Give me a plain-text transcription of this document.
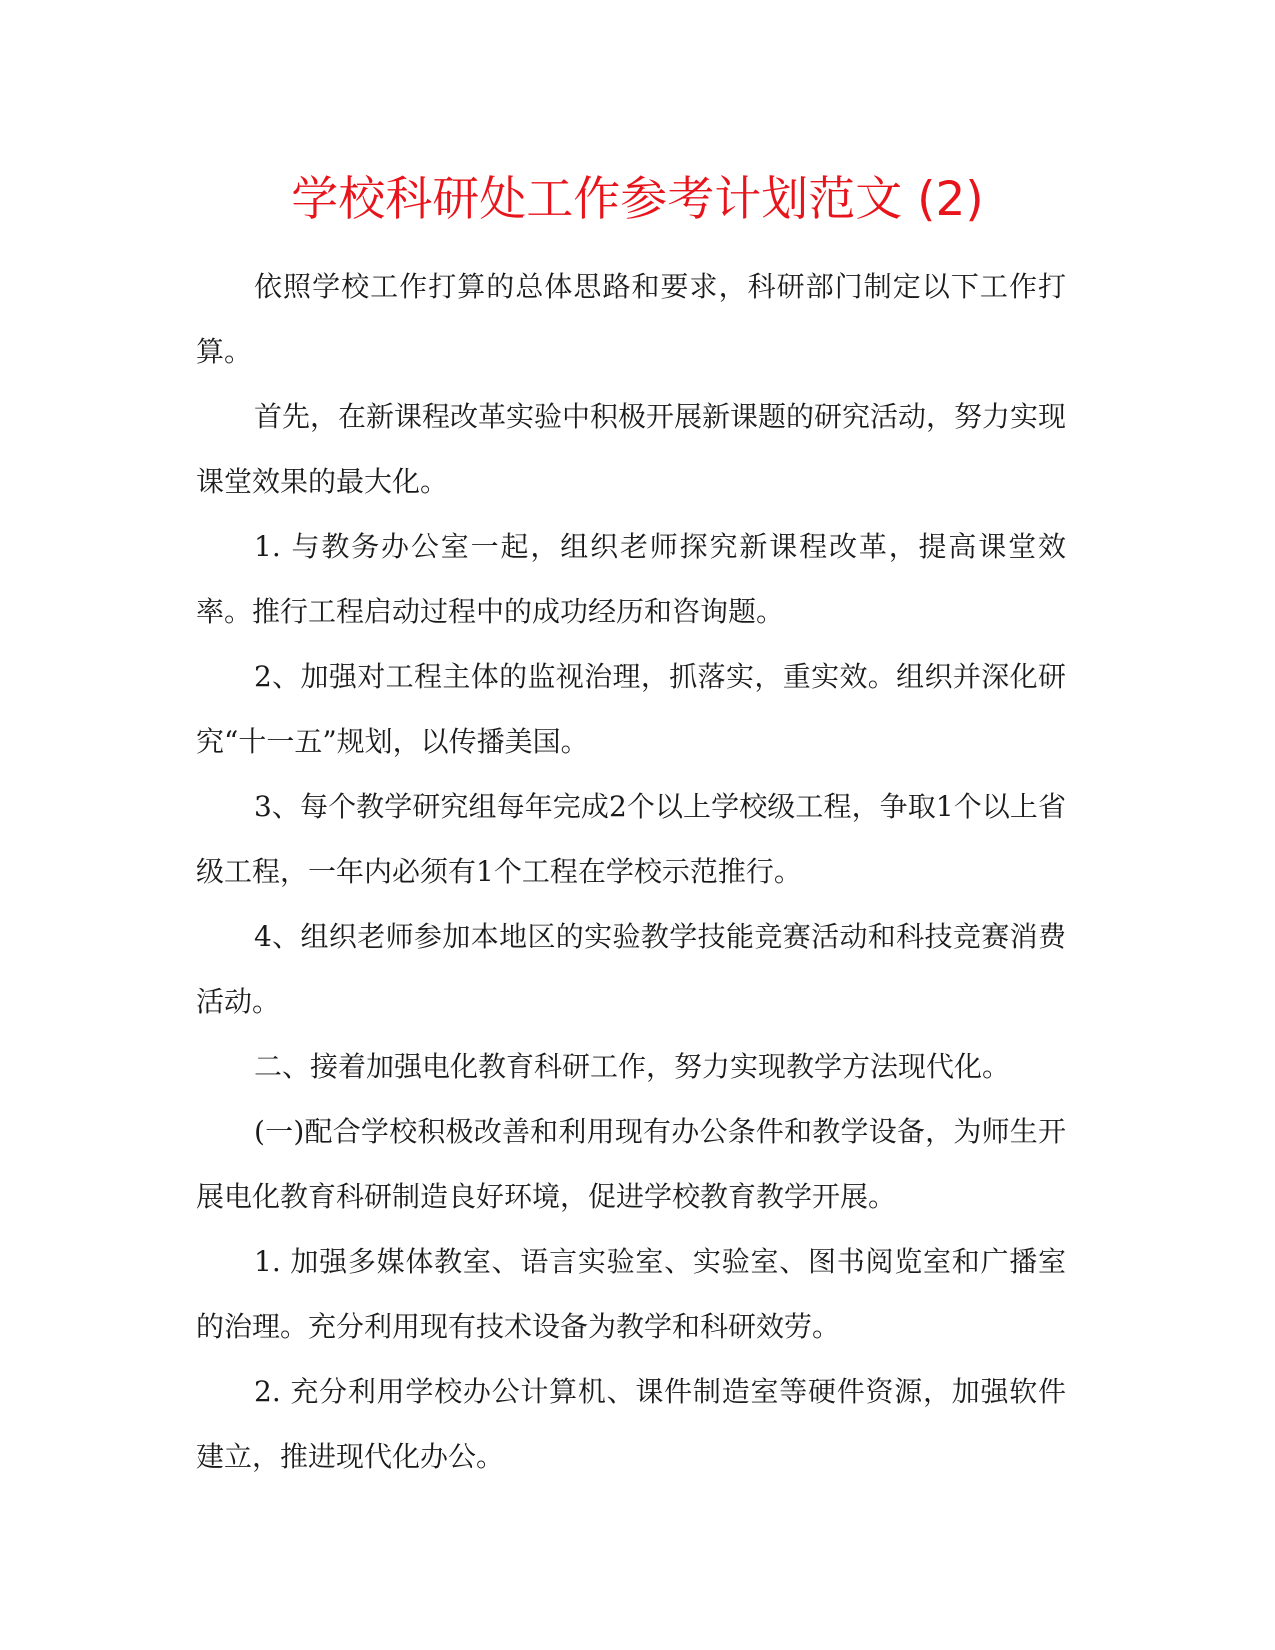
学校科研处工作参考计划范文 (2)

依照学校工作打算的总体思路和要求，科研部门制定以下工作打算。

首先，在新课程改革实验中积极开展新课题的研究活动，努力实现课堂效果的最大化。

1. 与教务办公室一起，组织老师探究新课程改革，提高课堂效率。推行工程启动过程中的成功经历和咨询题。

2、加强对工程主体的监视治理，抓落实，重实效。组织并深化研究“十一五”规划，以传播美国。

3、每个教学研究组每年完成2个以上学校级工程，争取1个以上省级工程，一年内必须有1个工程在学校示范推行。

4、组织老师参加本地区的实验教学技能竞赛活动和科技竞赛消费活动。

二、接着加强电化教育科研工作，努力实现教学方法现代化。

(一)配合学校积极改善和利用现有办公条件和教学设备，为师生开展电化教育科研制造良好环境，促进学校教育教学开展。

1. 加强多媒体教室、语言实验室、实验室、图书阅览室和广播室的治理。充分利用现有技术设备为教学和科研效劳。

2. 充分利用学校办公计算机、课件制造室等硬件资源，加强软件建立，推进现代化办公。
